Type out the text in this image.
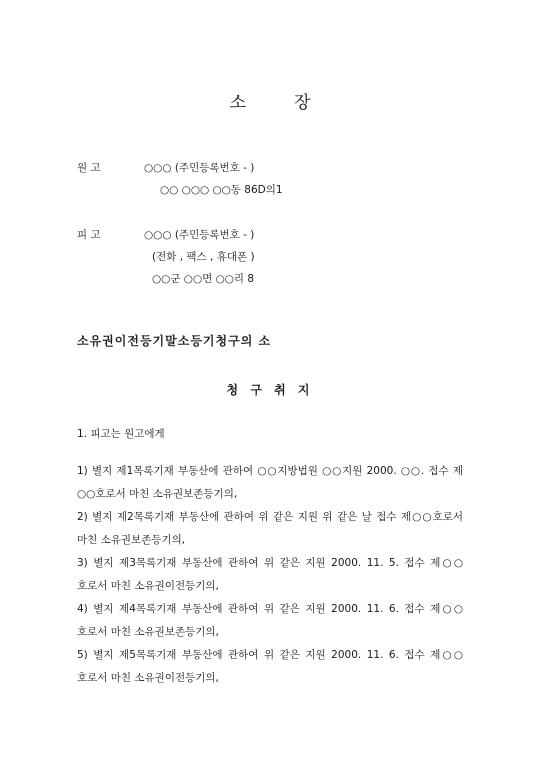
소	장
원 고	○○○ (주민등록번호 - )
○○ ○○○ ○○동 86D의1
피 고	○○○ (주민등록번호 - )
(전화 , 팩스 , 휴대폰 )
○○군 ○○면 ○○리 8
소유권이전등기말소등기청구의 소
청 구 취 지
1. 피고는 원고에게
1) 별지 제1목록기재 부동산에 관하여 ○○지방법원 ○○지원 2000. ○○. 접수 제○○호로서 마친 소유권보존등기의,
2) 별지 제2목록기재 부동산에 관하여 위 같은 지원 위 같은 날 접수 제○○호로서 마친 소유권보존등기의,
3) 별지 제3목록기재 부동산에 관하여 위 같은 지원 2000. 11. 5. 접수 제○○호로서 마친 소유권이전등기의,
4) 별지 제4목록기재 부동산에 관하여 위 같은 지원 2000. 11. 6. 접수 제○○호로서 마친 소유권보존등기의,
5) 별지 제5목록기재 부동산에 관하여 위 같은 지원 2000. 11. 6. 접수 제○○호로서 마친 소유권이전등기의,
